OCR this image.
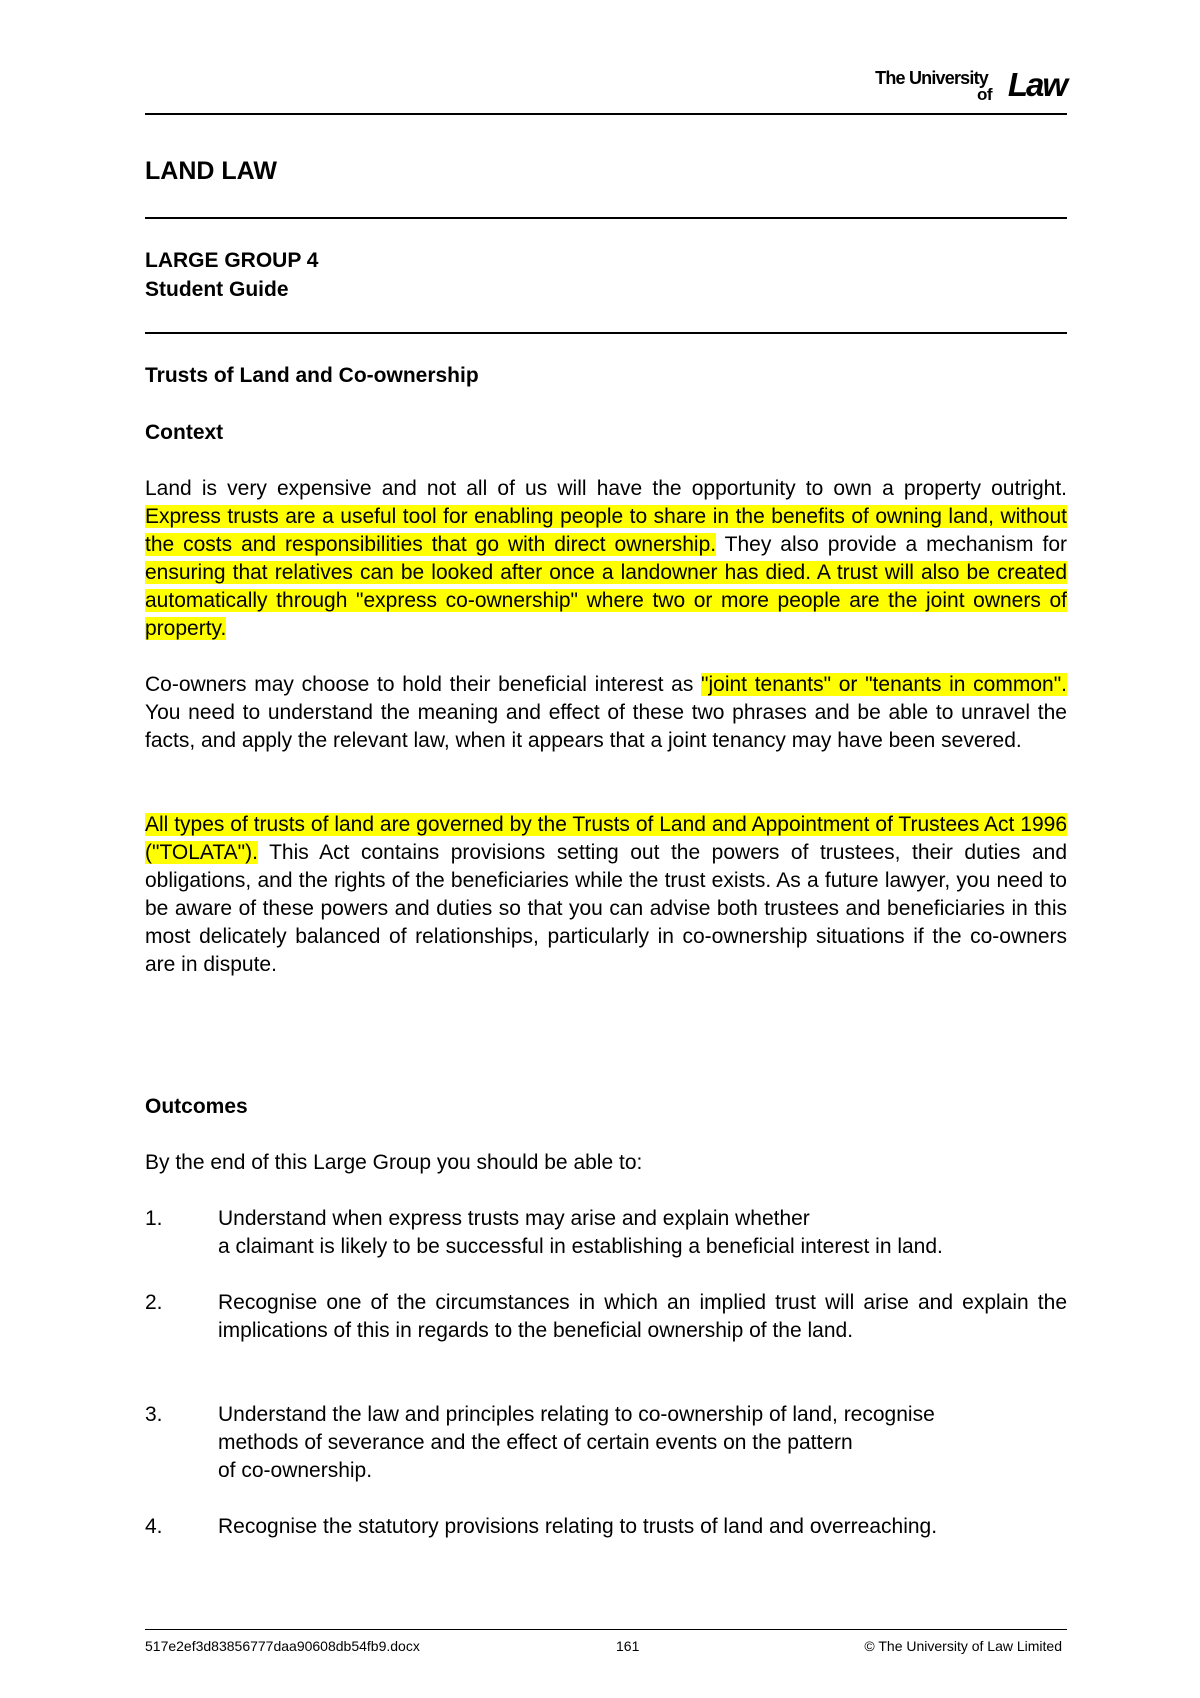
The University
of Law
LAND LAW
LARGE GROUP 4
Student Guide
Trusts of Land and Co-ownership
Context
Land is very expensive and not all of us will have the opportunity to own a property outright. Express trusts are a useful tool for enabling people to share in the benefits of owning land, without the costs and responsibilities that go with direct ownership. They also provide a mechanism for ensuring that relatives can be looked after once a landowner has died. A trust will also be created automatically through "express co-ownership" where two or more people are the joint owners of property.
Co-owners may choose to hold their beneficial interest as "joint tenants" or "tenants in common". You need to understand the meaning and effect of these two phrases and be able to unravel the facts, and apply the relevant law, when it appears that a joint tenancy may have been severed.
All types of trusts of land are governed by the Trusts of Land and Appointment of Trustees Act 1996 ("TOLATA"). This Act contains provisions setting out the powers of trustees, their duties and obligations, and the rights of the beneficiaries while the trust exists. As a future lawyer, you need to be aware of these powers and duties so that you can advise both trustees and beneficiaries in this most delicately balanced of relationships, particularly in co-ownership situations if the co-owners are in dispute.
Outcomes
By the end of this Large Group you should be able to:
1.	Understand when express trusts may arise and explain whether
a claimant is likely to be successful in establishing a beneficial interest in land.
2.	Recognise one of the circumstances in which an implied trust will arise and explain the implications of this in regards to the beneficial ownership of the land.
3.	Understand the law and principles relating to co-ownership of land, recognise
methods of severance and the effect of certain events on the pattern
of co-ownership.
4.	Recognise the statutory provisions relating to trusts of land and overreaching.
517e2ef3d83856777daa90608db54fb9.docx	161	© The University of Law Limited
